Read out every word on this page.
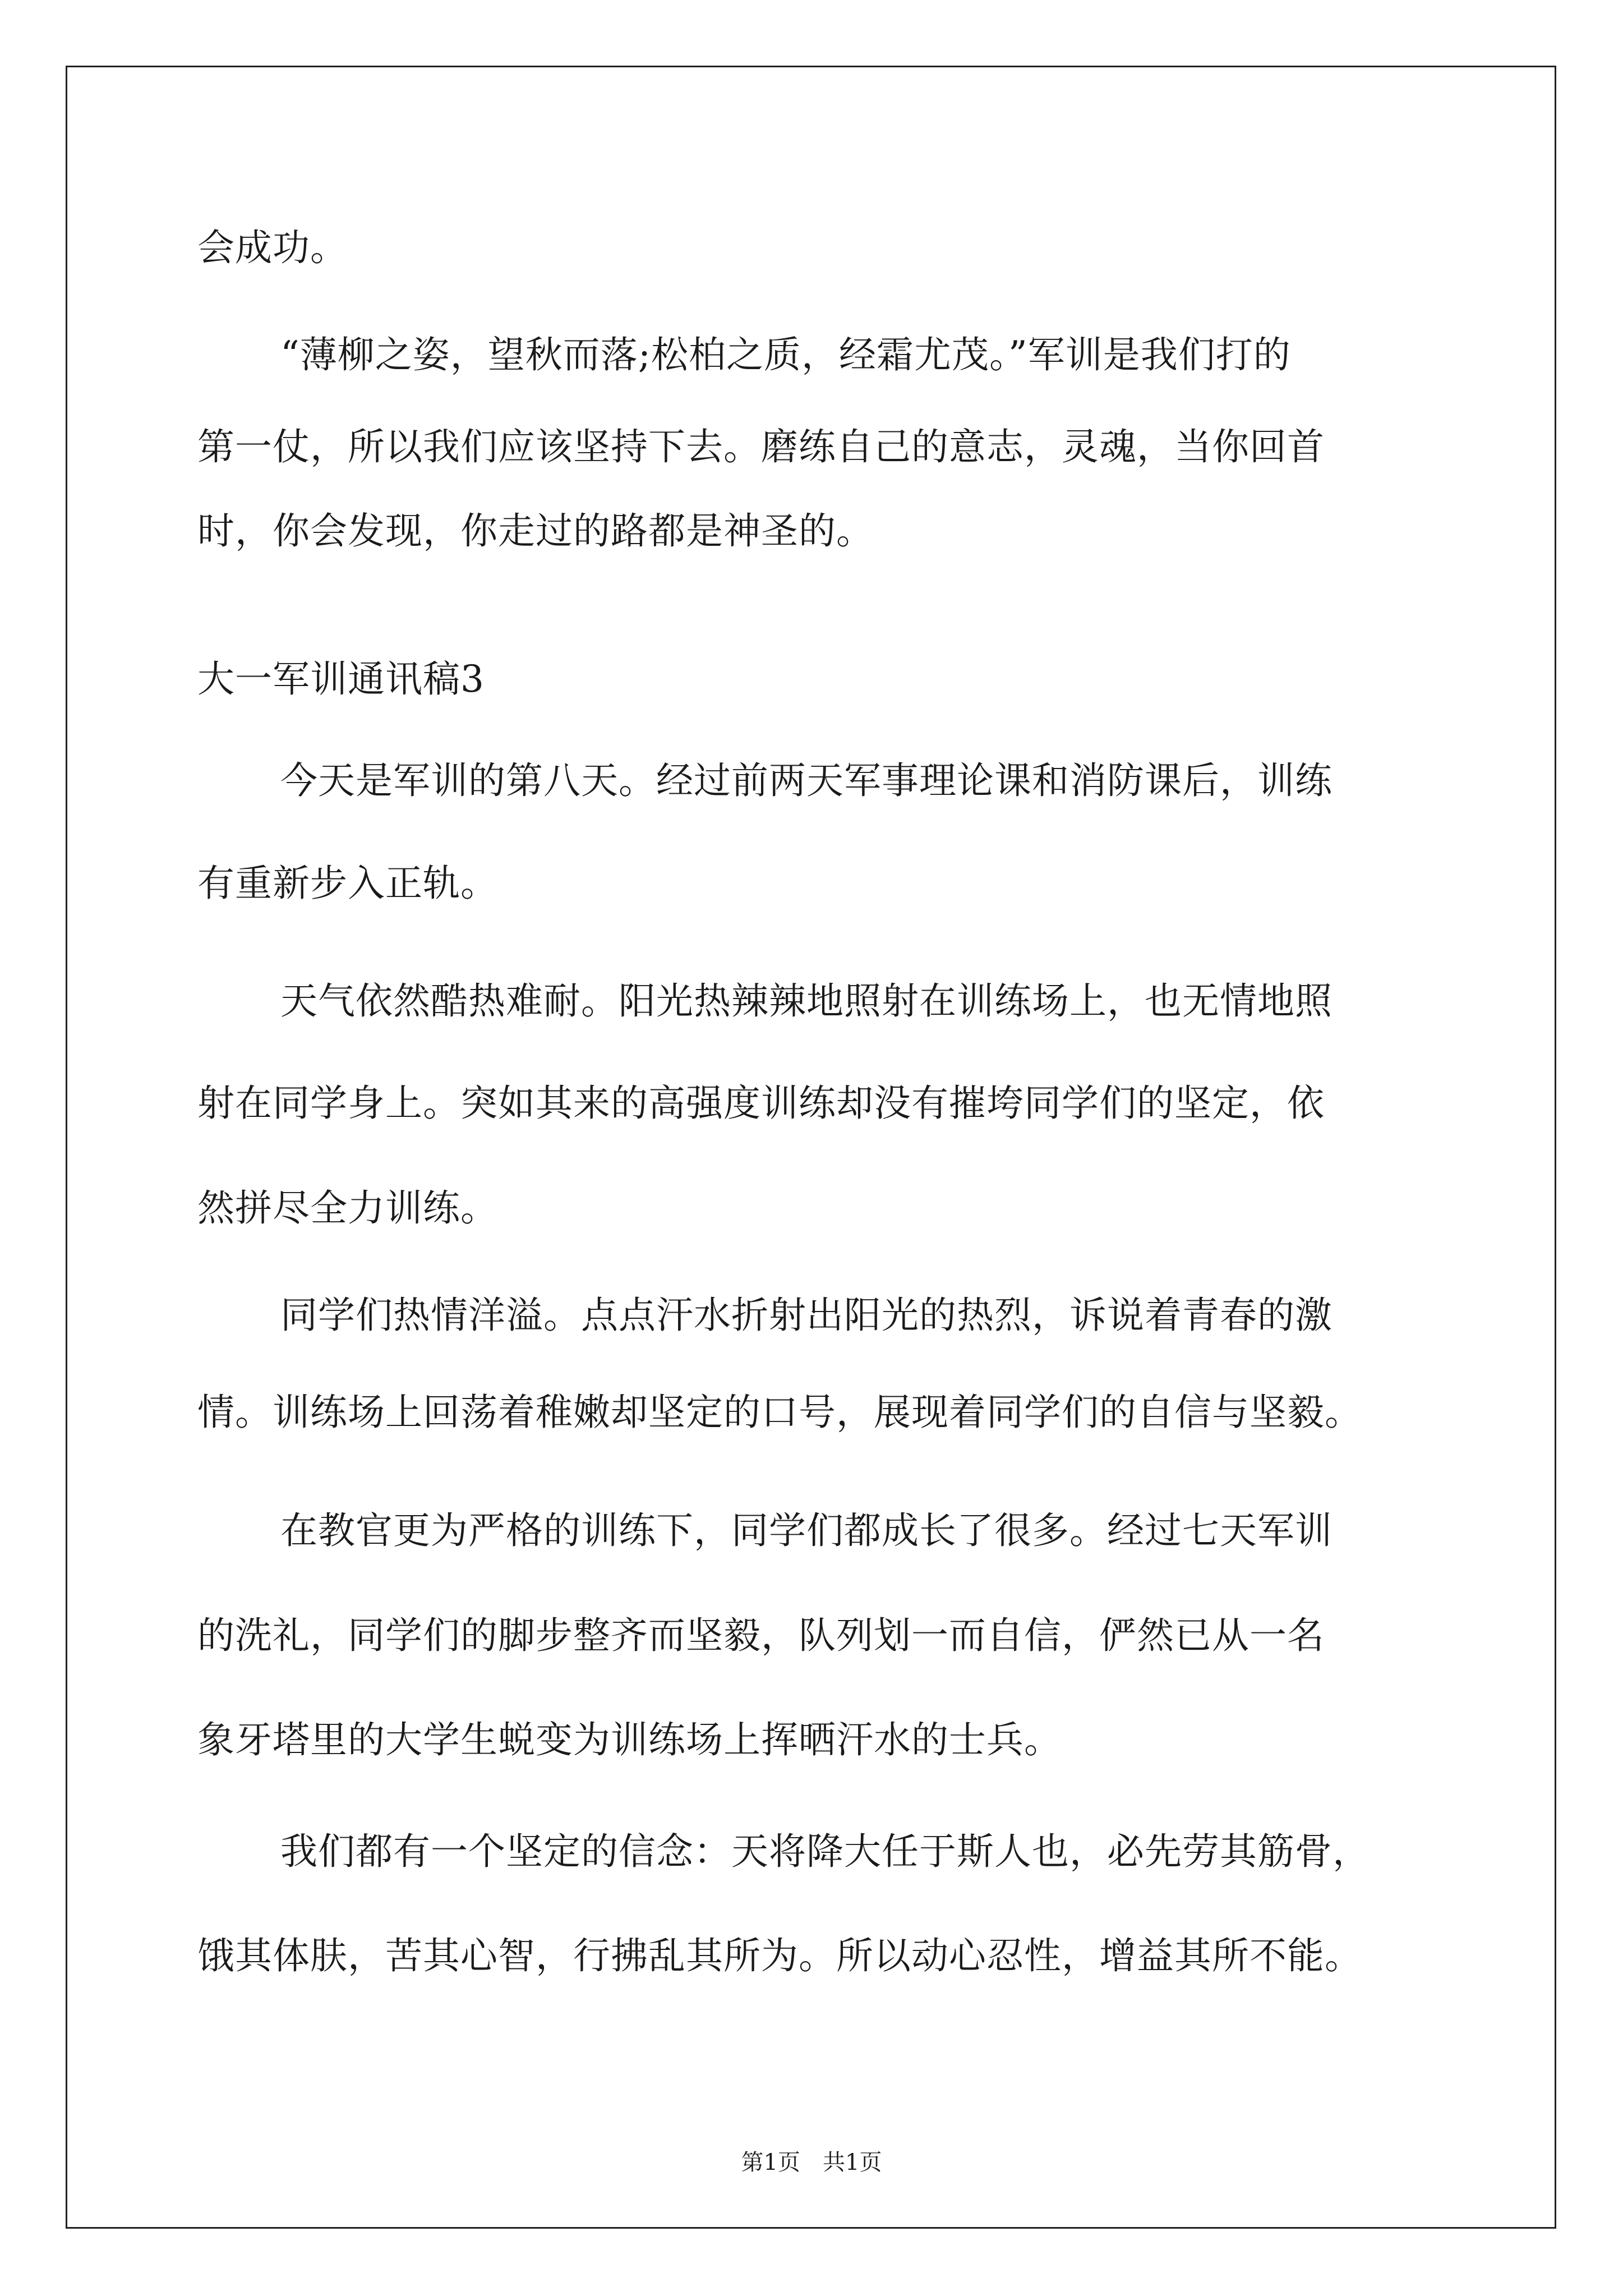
会成功。
“薄柳之姿，望秋而落;松柏之质，经霜尤茂。”军训是我们打的
第一仗，所以我们应该坚持下去。磨练自己的意志，灵魂，当你回首
时，你会发现，你走过的路都是神圣的。
大一军训通讯稿3
今天是军训的第八天。经过前两天军事理论课和消防课后，训练
有重新步入正轨。
天气依然酷热难耐。阳光热辣辣地照射在训练场上，也无情地照
射在同学身上。突如其来的高强度训练却没有摧垮同学们的坚定，依
然拼尽全力训练。
同学们热情洋溢。点点汗水折射出阳光的热烈，诉说着青春的激
情。训练场上回荡着稚嫩却坚定的口号，展现着同学们的自信与坚毅。
在教官更为严格的训练下，同学们都成长了很多。经过七天军训
的洗礼，同学们的脚步整齐而坚毅，队列划一而自信，俨然已从一名
象牙塔里的大学生蜕变为训练场上挥晒汗水的士兵。
我们都有一个坚定的信念：天将降大任于斯人也，必先劳其筋骨，
饿其体肤，苦其心智，行拂乱其所为。所以动心忍性，增益其所不能。
第1页　共1页
